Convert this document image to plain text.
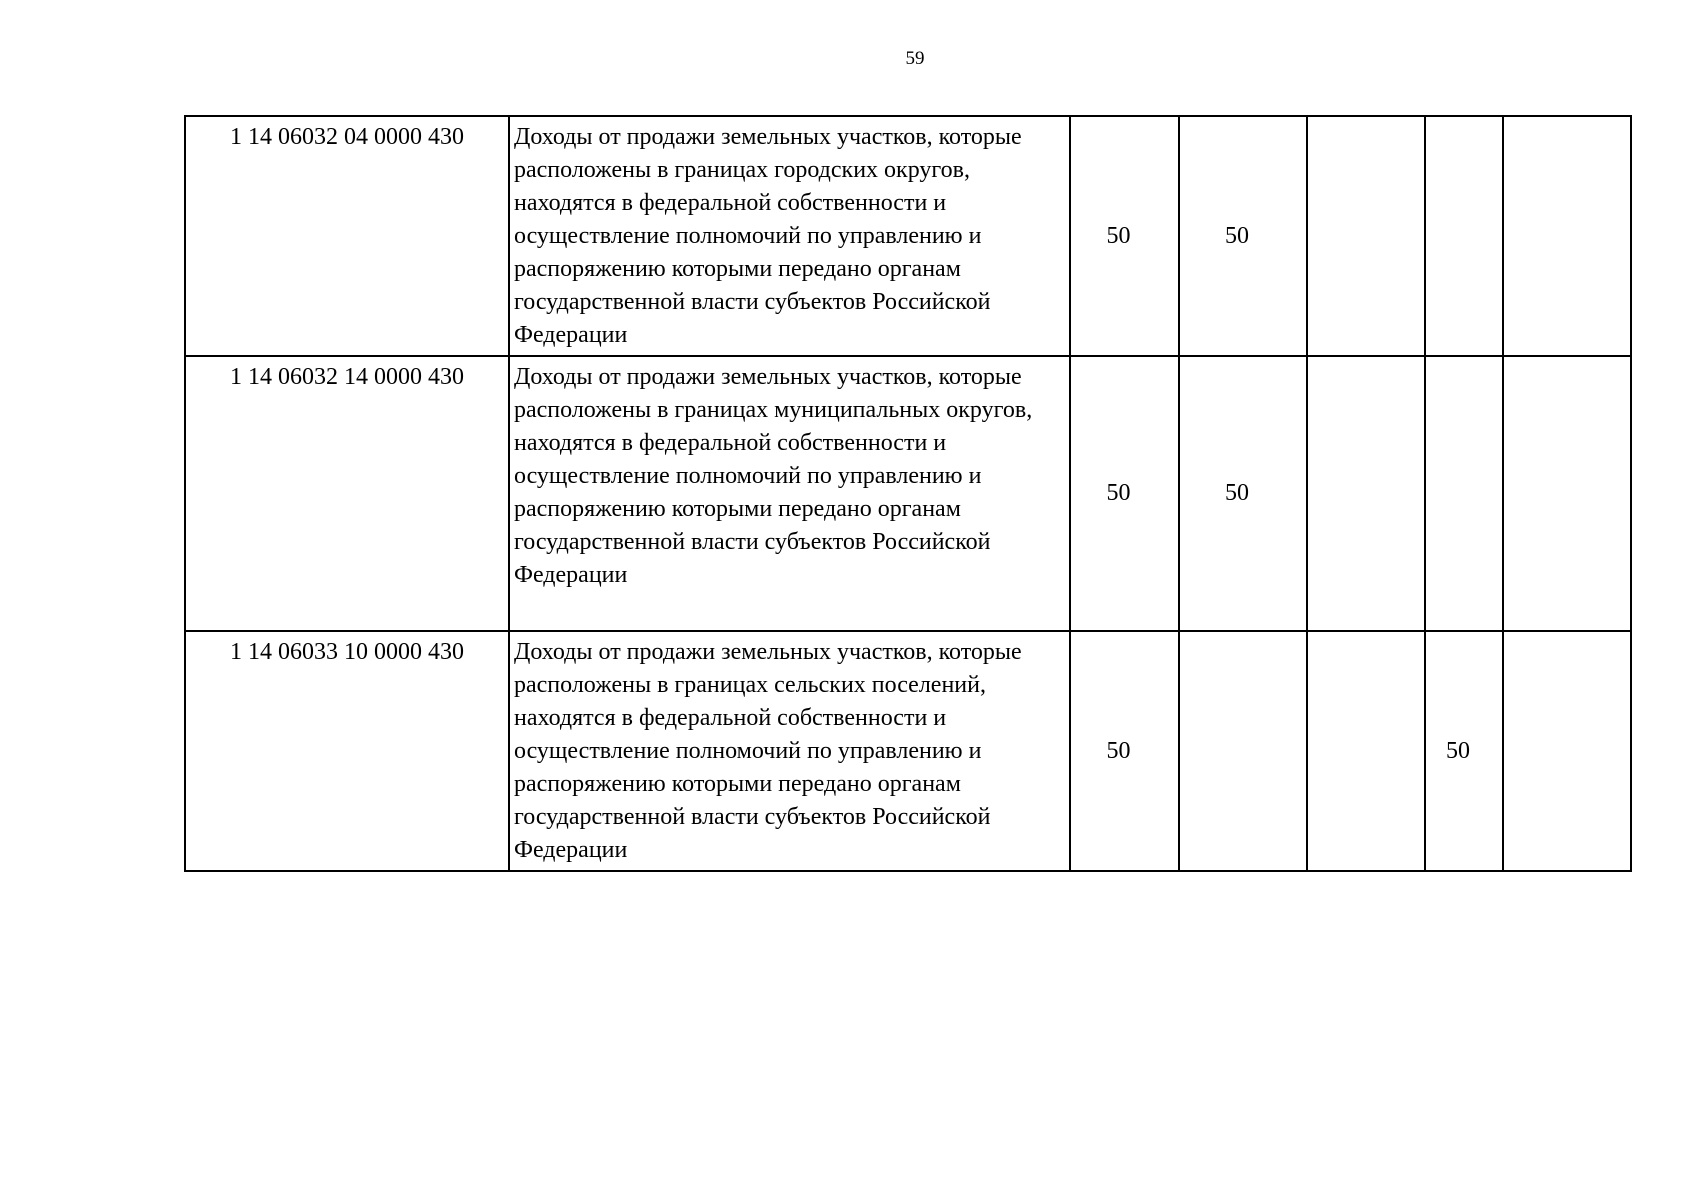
59
1 14 06032 04 0000 430	Доходы от продажи земельных участков, которые расположены в границах городских округов, находятся в федеральной собственности и осуществление полномочий по управлению и распоряжению которыми передано органам государственной власти субъектов Российской Федерации	50	50			
1 14 06032 14 0000 430	Доходы от продажи земельных участков, которые расположены в границах муниципальных округов, находятся в федеральной собственности и осуществление полномочий по управлению и распоряжению которыми передано органам государственной власти субъектов Российской Федерации	50	50			
1 14 06033 10 0000 430	Доходы от продажи земельных участков, которые расположены в границах сельских поселений, находятся в федеральной собственности и осуществление полномочий по управлению и распоряжению которыми передано органам государственной власти субъектов Российской Федерации	50			50	
